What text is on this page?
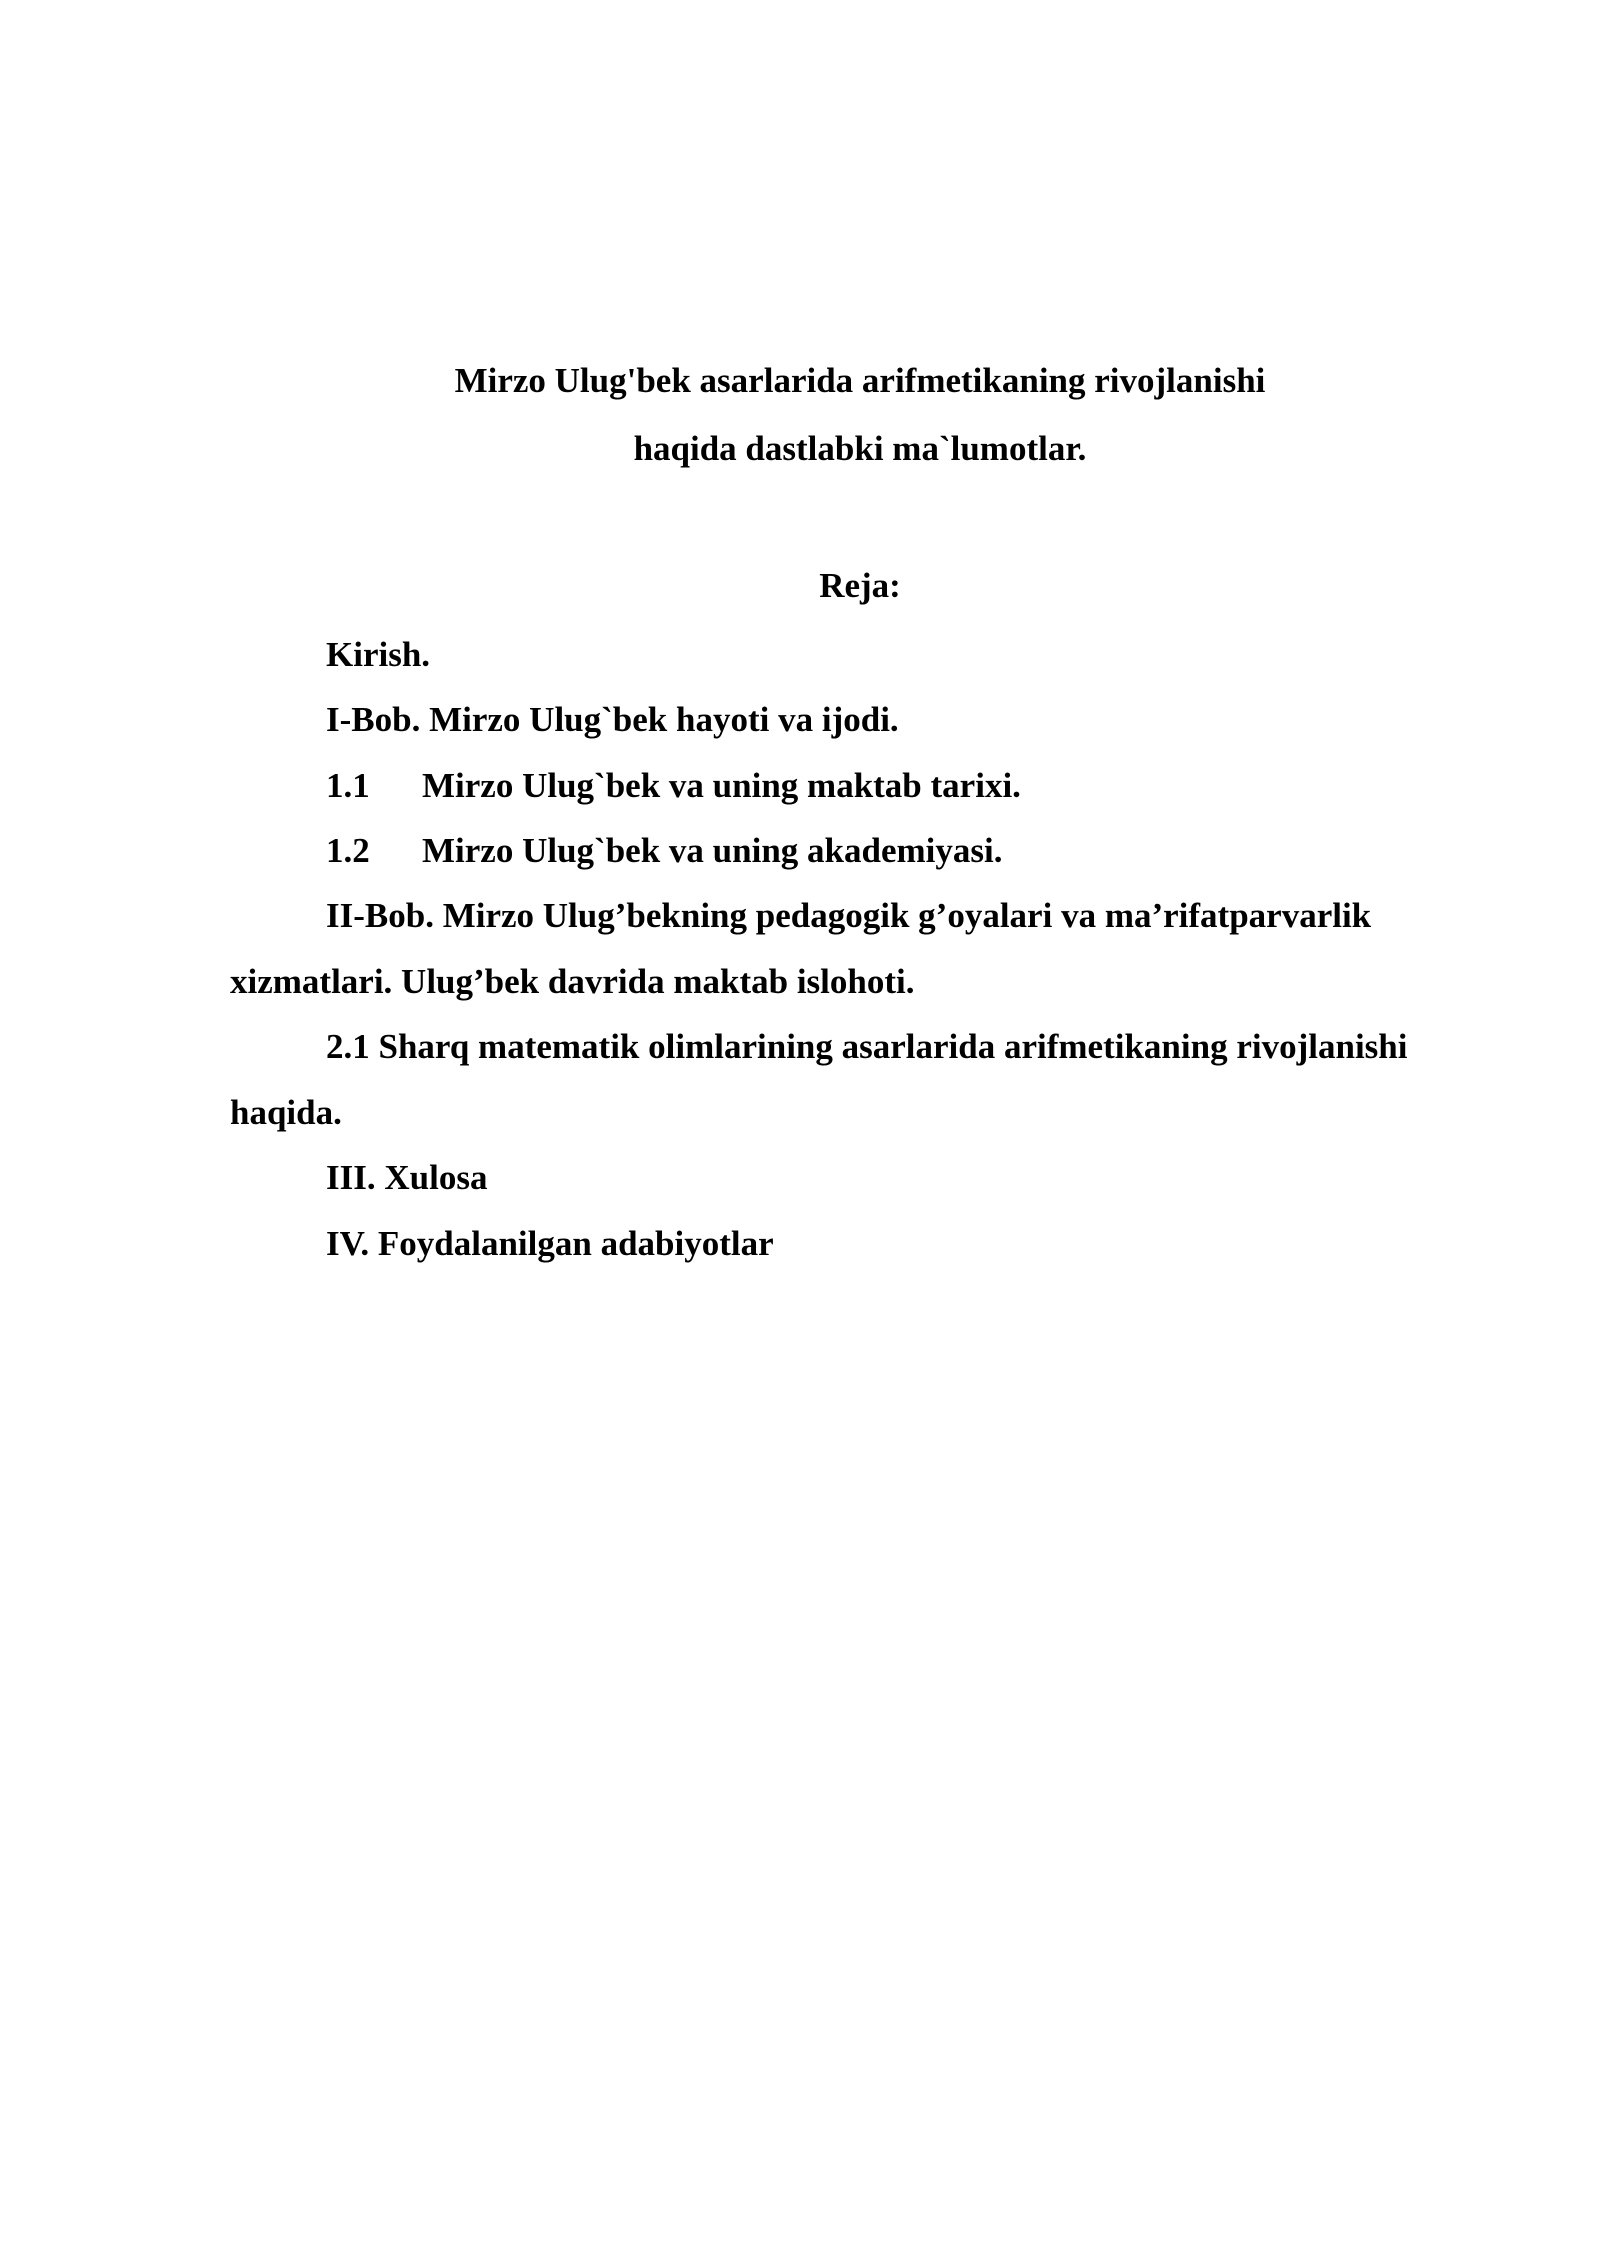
Mirzo Ulug'bek asarlarida arifmetikaning rivojlanishi
haqida dastlabki ma`lumotlar.
Reja:
Kirish.
I-Bob. Mirzo Ulug`bek hayoti va ijodi.
1.1 Mirzo Ulug`bek va uning maktab tarixi.
1.2 Mirzo Ulug`bek va uning akademiyasi.
II-Bob. Mirzo Ulug’bekning pedagogik g’oyalari va ma’rifatparvarlik
xizmatlari. Ulug’bek davrida maktab islohoti.
2.1 Sharq matematik olimlarining asarlarida arifmetikaning rivojlanishi
haqida.
III. Xulosa
IV. Foydalanilgan adabiyotlar
